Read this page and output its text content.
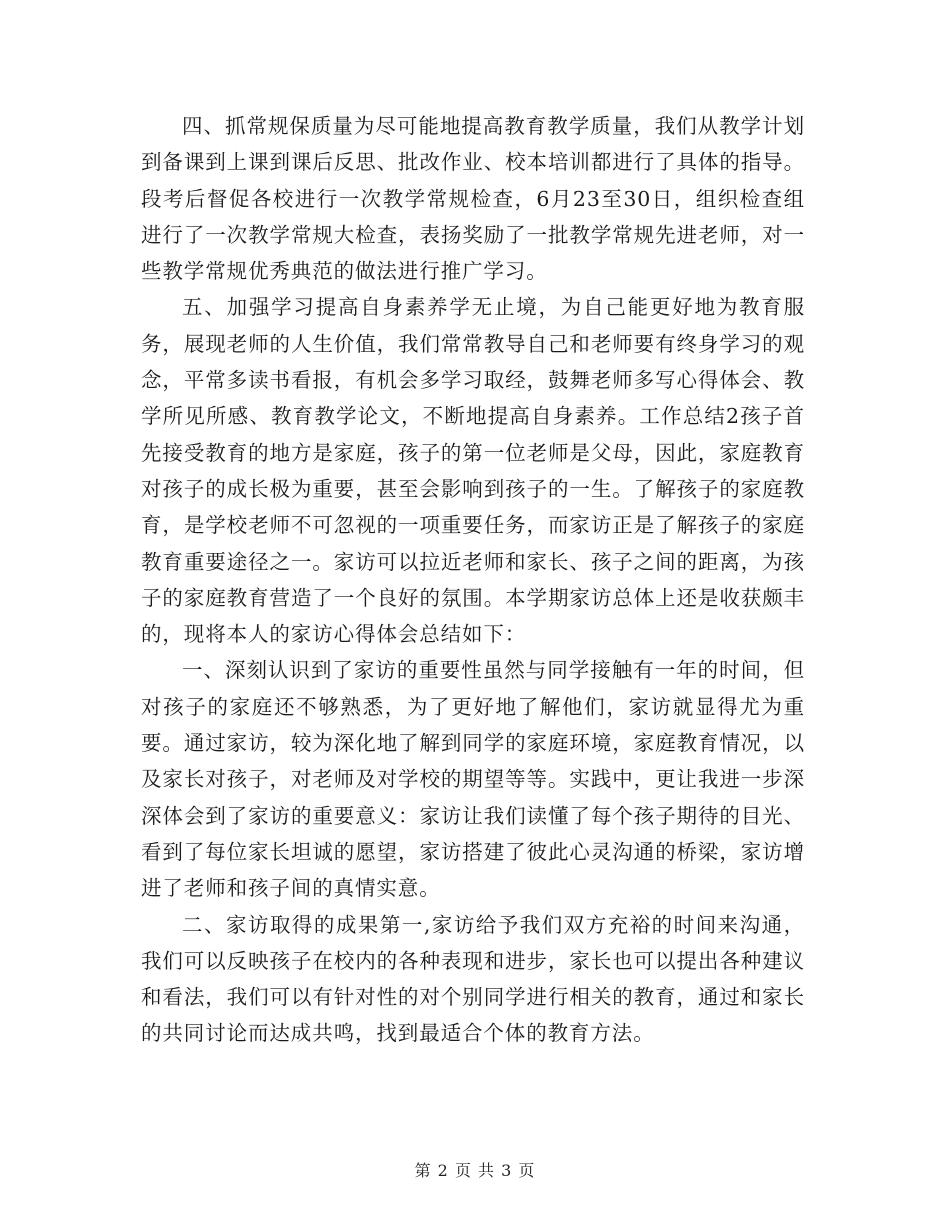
四、抓常规保质量为尽可能地提高教育教学质量，我们从教学计划到备课到上课到课后反思、批改作业、校本培训都进行了具体的指导。段考后督促各校进行一次教学常规检查，6月23至30日，组织检查组进行了一次教学常规大检查，表扬奖励了一批教学常规先进老师，对一些教学常规优秀典范的做法进行推广学习。

五、加强学习提高自身素养学无止境，为自己能更好地为教育服务，展现老师的人生价值，我们常常教导自己和老师要有终身学习的观念，平常多读书看报，有机会多学习取经，鼓舞老师多写心得体会、教学所见所感、教育教学论文，不断地提高自身素养。工作总结2孩子首先接受教育的地方是家庭，孩子的第一位老师是父母，因此，家庭教育对孩子的成长极为重要，甚至会影响到孩子的一生。了解孩子的家庭教育，是学校老师不可忽视的一项重要任务，而家访正是了解孩子的家庭教育重要途径之一。家访可以拉近老师和家长、孩子之间的距离，为孩子的家庭教育营造了一个良好的氛围。本学期家访总体上还是收获颇丰的，现将本人的家访心得体会总结如下：

一、深刻认识到了家访的重要性虽然与同学接触有一年的时间，但对孩子的家庭还不够熟悉，为了更好地了解他们，家访就显得尤为重要。通过家访，较为深化地了解到同学的家庭环境，家庭教育情况，以及家长对孩子，对老师及对学校的期望等等。实践中，更让我进一步深深体会到了家访的重要意义：家访让我们读懂了每个孩子期待的目光、看到了每位家长坦诚的愿望，家访搭建了彼此心灵沟通的桥梁，家访增进了老师和孩子间的真情实意。

二、家访取得的成果第一,家访给予我们双方充裕的时间来沟通，我们可以反映孩子在校内的各种表现和进步，家长也可以提出各种建议和看法，我们可以有针对性的对个别同学进行相关的教育，通过和家长的共同讨论而达成共鸣，找到最适合个体的教育方法。

第 2 页 共 3 页
